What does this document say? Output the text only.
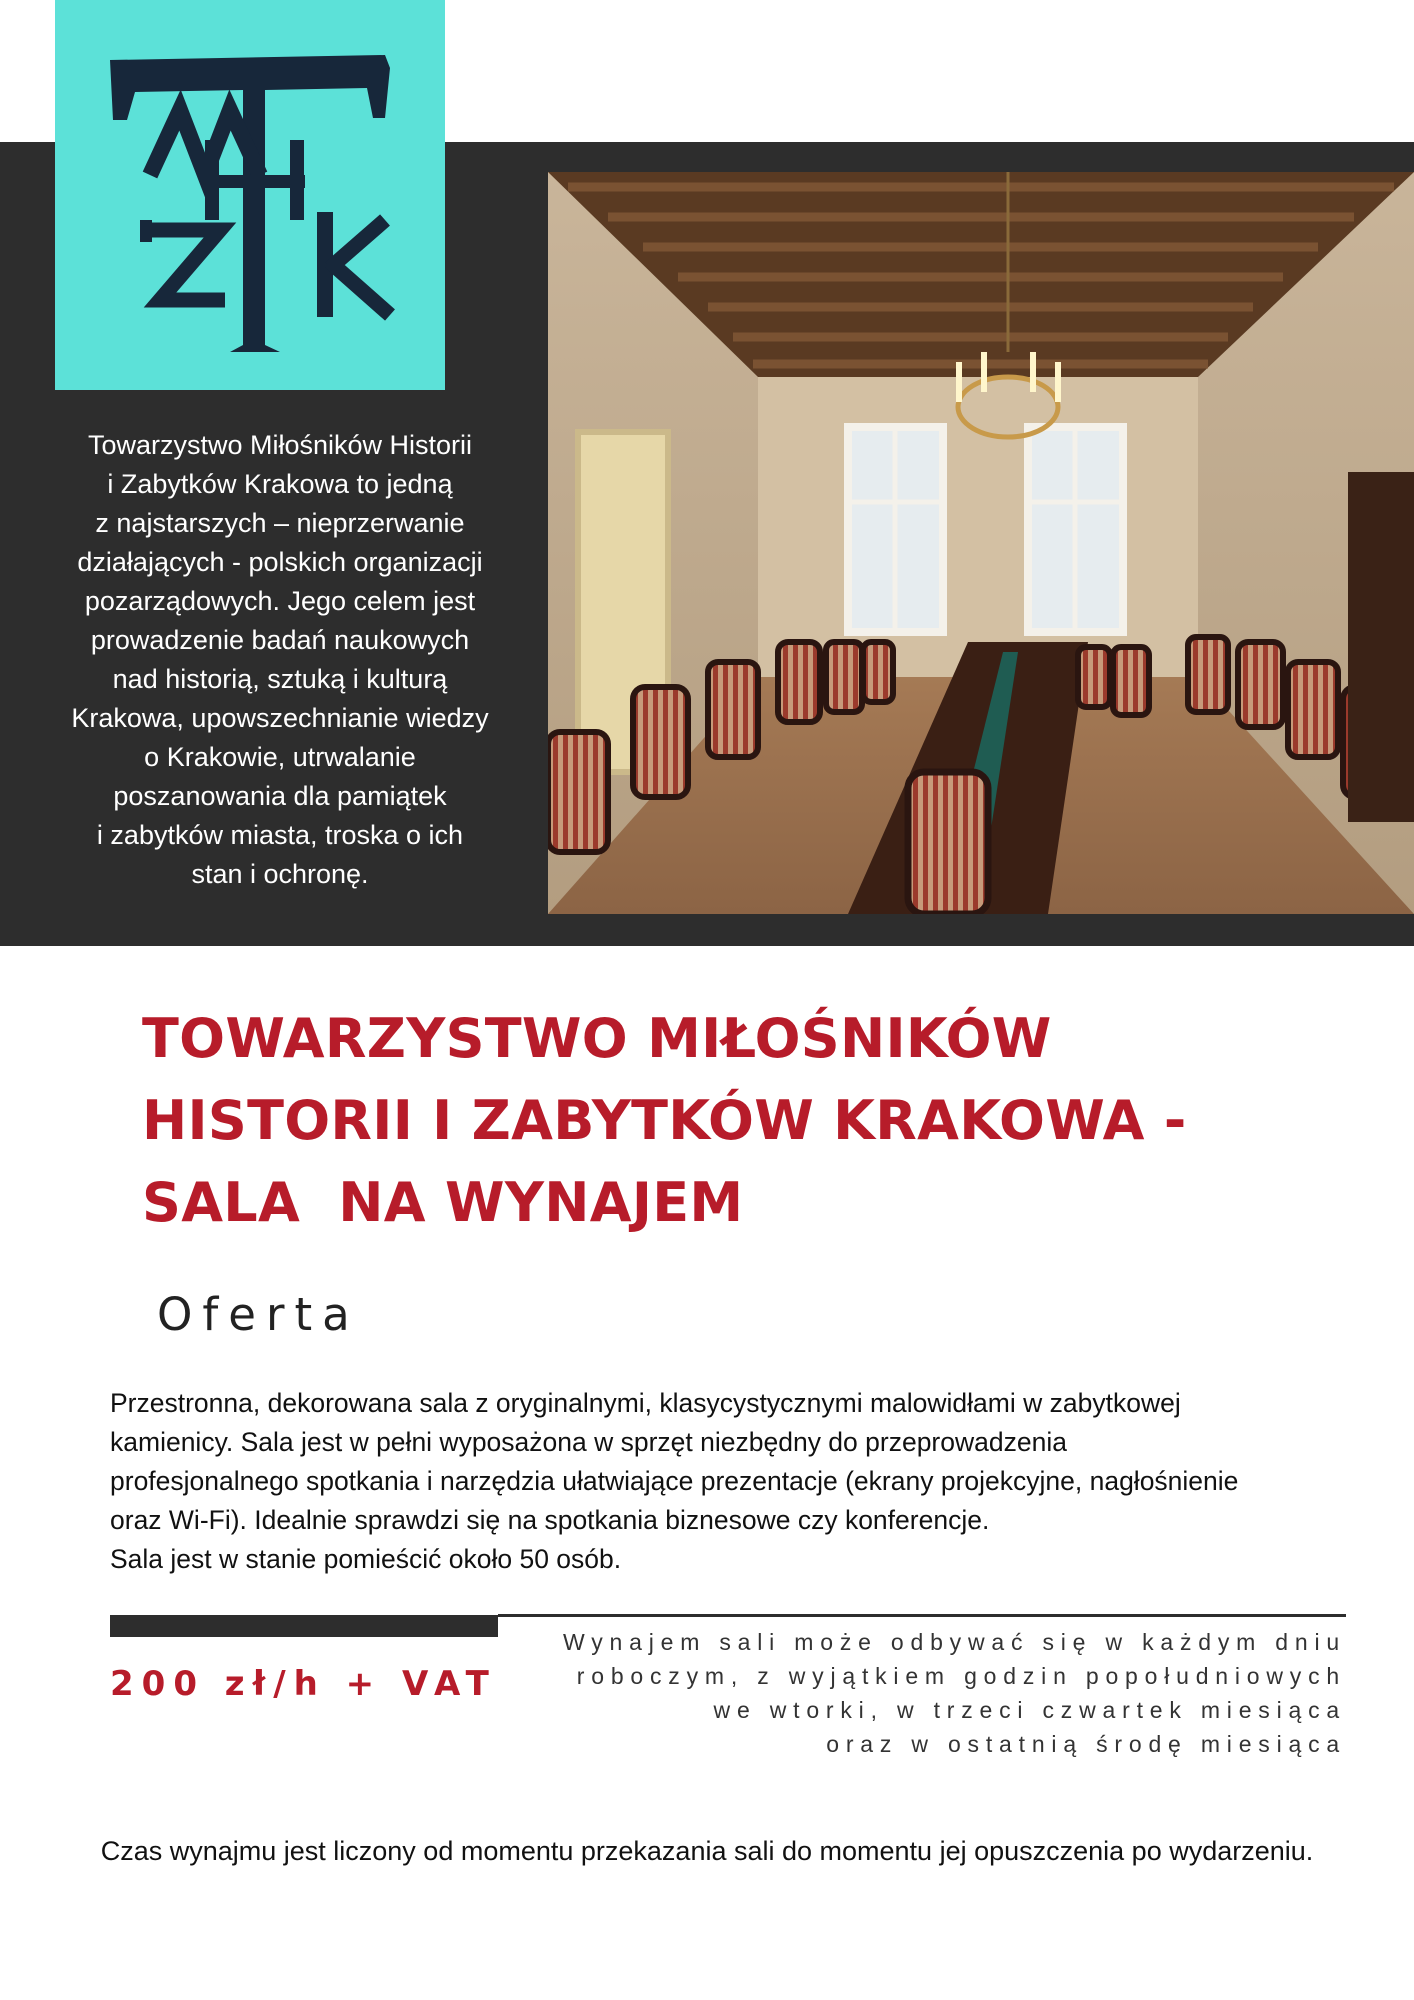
Towarzystwo Miłośników Historii
i Zabytków Krakowa to jedną
z najstarszych – nieprzerwanie
działających - polskich organizacji
pozarządowych. Jego celem jest
prowadzenie badań naukowych
nad historią, sztuką i kulturą
Krakowa, upowszechnianie wiedzy
o Krakowie, utrwalanie
poszanowania dla pamiątek
i zabytków miasta, troska o ich
stan i ochronę.
TOWARZYSTWO MIŁOŚNIKÓW
HISTORII I ZABYTKÓW KRAKOWA -
SALA  NA WYNAJEM
Oferta
Przestronna, dekorowana sala z oryginalnymi, klasycystycznymi malowidłami w zabytkowej
kamienicy. Sala jest w pełni wyposażona w sprzęt niezbędny do przeprowadzenia
profesjonalnego spotkania i narzędzia ułatwiające prezentacje (ekrany projekcyjne, nagłośnienie
oraz Wi-Fi). Idealnie sprawdzi się na spotkania biznesowe czy konferencje.
Sala jest w stanie pomieścić około 50 osób.
200 zł/h + VAT
Wynajem sali może odbywać się w każdym dniu
roboczym, z wyjątkiem godzin popołudniowych
we wtorki, w trzeci czwartek miesiąca
oraz w ostatnią środę miesiąca
Czas wynajmu jest liczony od momentu przekazania sali do momentu jej opuszczenia po wydarzeniu.
